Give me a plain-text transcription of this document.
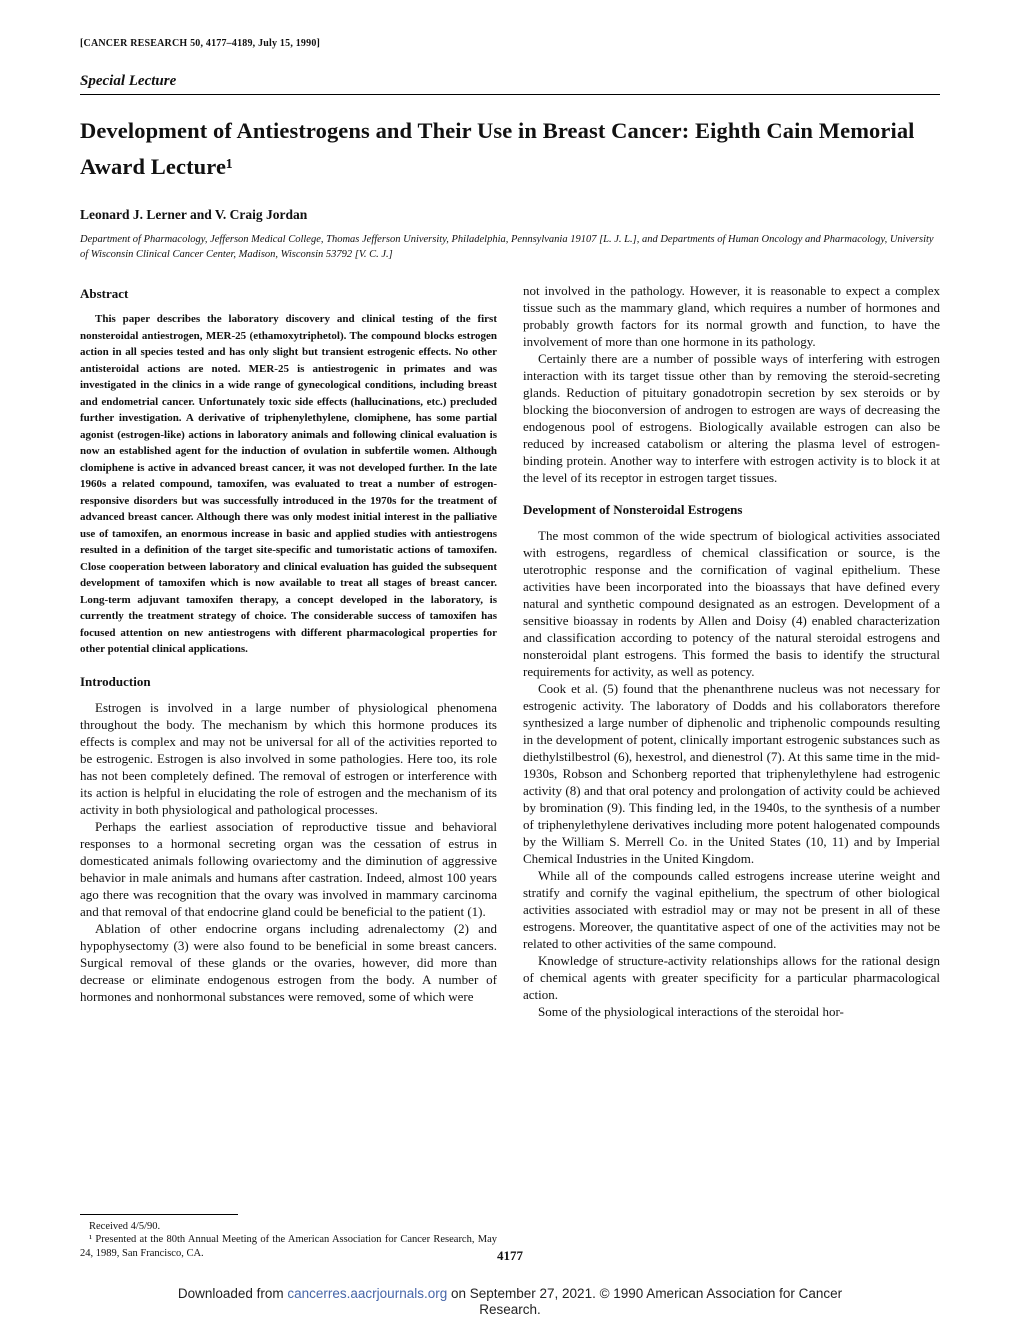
[CANCER RESEARCH 50, 4177–4189, July 15, 1990]
Special Lecture
Development of Antiestrogens and Their Use in Breast Cancer: Eighth Cain Memorial Award Lecture¹
Leonard J. Lerner and V. Craig Jordan
Department of Pharmacology, Jefferson Medical College, Thomas Jefferson University, Philadelphia, Pennsylvania 19107 [L. J. L.], and Departments of Human Oncology and Pharmacology, University of Wisconsin Clinical Cancer Center, Madison, Wisconsin 53792 [V. C. J.]
Abstract

This paper describes the laboratory discovery and clinical testing of the first nonsteroidal antiestrogen, MER-25 (ethamoxytriphetol). The compound blocks estrogen action in all species tested and has only slight but transient estrogenic effects. No other antisteroidal actions are noted. MER-25 is antiestrogenic in primates and was investigated in the clinics in a wide range of gynecological conditions, including breast and endometrial cancer. Unfortunately toxic side effects (hallucinations, etc.) precluded further investigation. A derivative of triphenylethylene, clomiphene, has some partial agonist (estrogen-like) actions in laboratory animals and following clinical evaluation is now an established agent for the induction of ovulation in subfertile women. Although clomiphene is active in advanced breast cancer, it was not developed further. In the late 1960s a related compound, tamoxifen, was evaluated to treat a number of estrogen-responsive disorders but was successfully introduced in the 1970s for the treatment of advanced breast cancer. Although there was only modest initial interest in the palliative use of tamoxifen, an enormous increase in basic and applied studies with antiestrogens resulted in a definition of the target site-specific and tumoristatic actions of tamoxifen. Close cooperation between laboratory and clinical evaluation has guided the subsequent development of tamoxifen which is now available to treat all stages of breast cancer. Long-term adjuvant tamoxifen therapy, a concept developed in the laboratory, is currently the treatment strategy of choice. The considerable success of tamoxifen has focused attention on new antiestrogens with different pharmacological properties for other potential clinical applications.

Introduction

Estrogen is involved in a large number of physiological phenomena throughout the body. The mechanism by which this hormone produces its effects is complex and may not be universal for all of the activities reported to be estrogenic. Estrogen is also involved in some pathologies. Here too, its role has not been completely defined. The removal of estrogen or interference with its action is helpful in elucidating the role of estrogen and the mechanism of its activity in both physiological and pathological processes.

Perhaps the earliest association of reproductive tissue and behavioral responses to a hormonal secreting organ was the cessation of estrus in domesticated animals following ovariectomy and the diminution of aggressive behavior in male animals and humans after castration. Indeed, almost 100 years ago there was recognition that the ovary was involved in mammary carcinoma and that removal of that endocrine gland could be beneficial to the patient (1).

Ablation of other endocrine organs including adrenalectomy (2) and hypophysectomy (3) were also found to be beneficial in some breast cancers. Surgical removal of these glands or the ovaries, however, did more than decrease or eliminate endogenous estrogen from the body. A number of hormones and nonhormonal substances were removed, some of which were

Received 4/5/90.

¹ Presented at the 80th Annual Meeting of the American Association for Cancer Research, May 24, 1989, San Francisco, CA.

not involved in the pathology. However, it is reasonable to expect a complex tissue such as the mammary gland, which requires a number of hormones and probably growth factors for its normal growth and function, to have the involvement of more than one hormone in its pathology.

Certainly there are a number of possible ways of interfering with estrogen interaction with its target tissue other than by removing the steroid-secreting glands. Reduction of pituitary gonadotropin secretion by sex steroids or by blocking the bioconversion of androgen to estrogen are ways of decreasing the endogenous pool of estrogens. Biologically available estrogen can also be reduced by increased catabolism or altering the plasma level of estrogen-binding protein. Another way to interfere with estrogen activity is to block it at the level of its receptor in estrogen target tissues.

Development of Nonsteroidal Estrogens

The most common of the wide spectrum of biological activities associated with estrogens, regardless of chemical classification or source, is the uterotrophic response and the cornification of vaginal epithelium. These activities have been incorporated into the bioassays that have defined every natural and synthetic compound designated as an estrogen. Development of a sensitive bioassay in rodents by Allen and Doisy (4) enabled characterization and classification according to potency of the natural steroidal estrogens and nonsteroidal plant estrogens. This formed the basis to identify the structural requirements for activity, as well as potency.

Cook et al. (5) found that the phenanthrene nucleus was not necessary for estrogenic activity. The laboratory of Dodds and his collaborators therefore synthesized a large number of diphenolic and triphenolic compounds resulting in the development of potent, clinically important estrogenic substances such as diethylstilbestrol (6), hexestrol, and dienestrol (7). At this same time in the mid-1930s, Robson and Schonberg reported that triphenylethylene had estrogenic activity (8) and that oral potency and prolongation of activity could be achieved by bromination (9). This finding led, in the 1940s, to the synthesis of a number of triphenylethylene derivatives including more potent halogenated compounds by the William S. Merrell Co. in the United States (10, 11) and by Imperial Chemical Industries in the United Kingdom.

While all of the compounds called estrogens increase uterine weight and stratify and cornify the vaginal epithelium, the spectrum of other biological activities associated with estradiol may or may not be present in all of these estrogens. Moreover, the quantitative aspect of one of the activities may not be related to other activities of the same compound.

Knowledge of structure-activity relationships allows for the rational design of chemical agents with greater specificity for a particular pharmacological action.

Some of the physiological interactions of the steroidal hor-

4177
Downloaded from cancerres.aacrjournals.org on September 27, 2021. © 1990 American Association for Cancer
Research.
